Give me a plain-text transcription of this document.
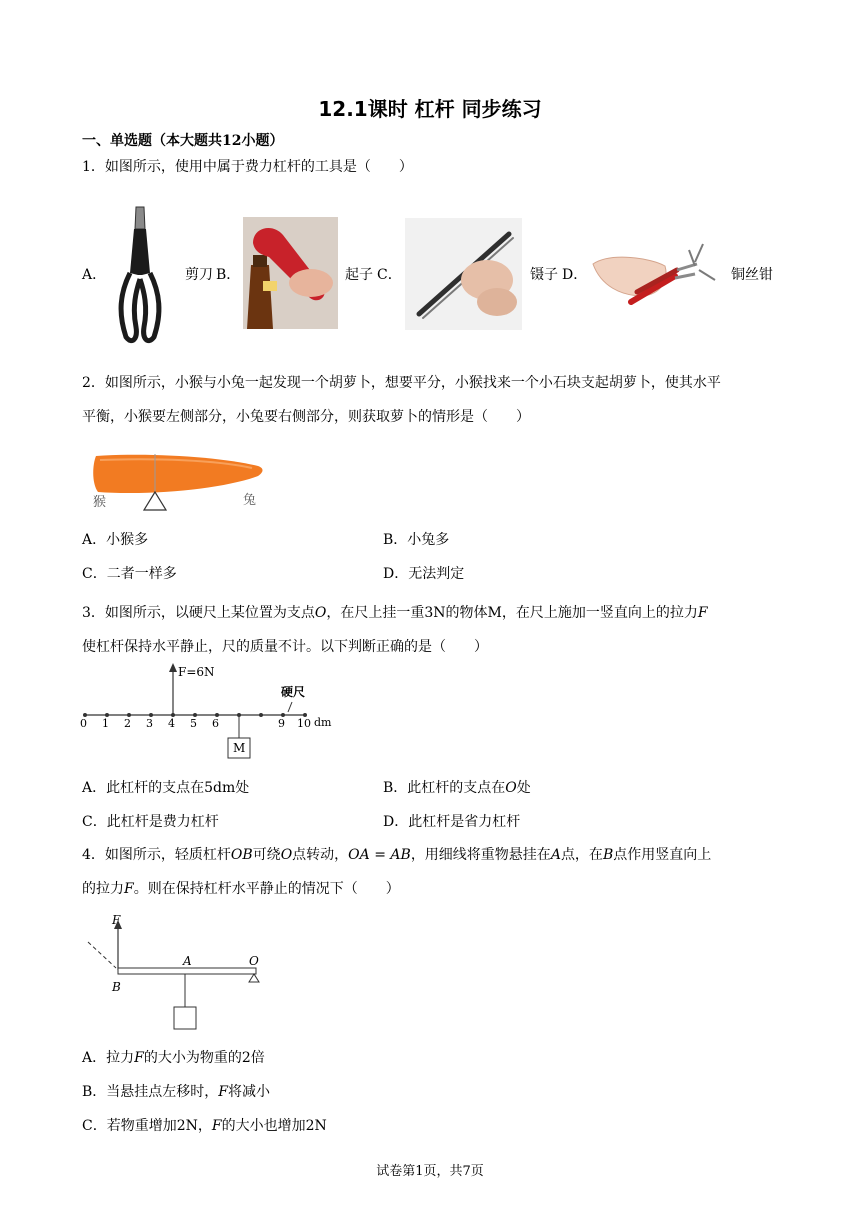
12.1课时 杠杆 同步练习
一、单选题（本大题共12小题）
1．如图所示，使用中属于费力杠杆的工具是（　　）
A．	剪刀 B．	起子 C．	镊子 D．	铜丝钳
2．如图所示，小猴与小兔一起发现一个胡萝卜，想要平分，小猴找来一个小石块支起胡萝卜，使其水平
平衡，小猴要左侧部分，小兔要右侧部分，则获取萝卜的情形是（　　）
猴	兔
A．小猴多	B．小兔多
C．二者一样多	D．无法判定
3．如图所示，以硬尺上某位置为支点O，在尺上挂一重3N的物体M，在尺上施加一竖直向上的拉力F
使杠杆保持水平静止，尺的质量不计。以下判断正确的是（　　）
F=6N
硬尺
0 1 2 3 4 5 6	9 10 dm
M
A．此杠杆的支点在5dm处	B．此杠杆的支点在O处
C．此杠杆是费力杠杆	D．此杠杆是省力杠杆
4．如图所示，轻质杠杆OB可绕O点转动，OA = AB，用细线将重物悬挂在A点，在B点作用竖直向上
的拉力F。则在保持杠杆水平静止的情况下（　　）
F
A	O
B
A．拉力F的大小为物重的2倍
B．当悬挂点左移时，F将减小
C．若物重增加2N，F的大小也增加2N
试卷第1页，共7页
